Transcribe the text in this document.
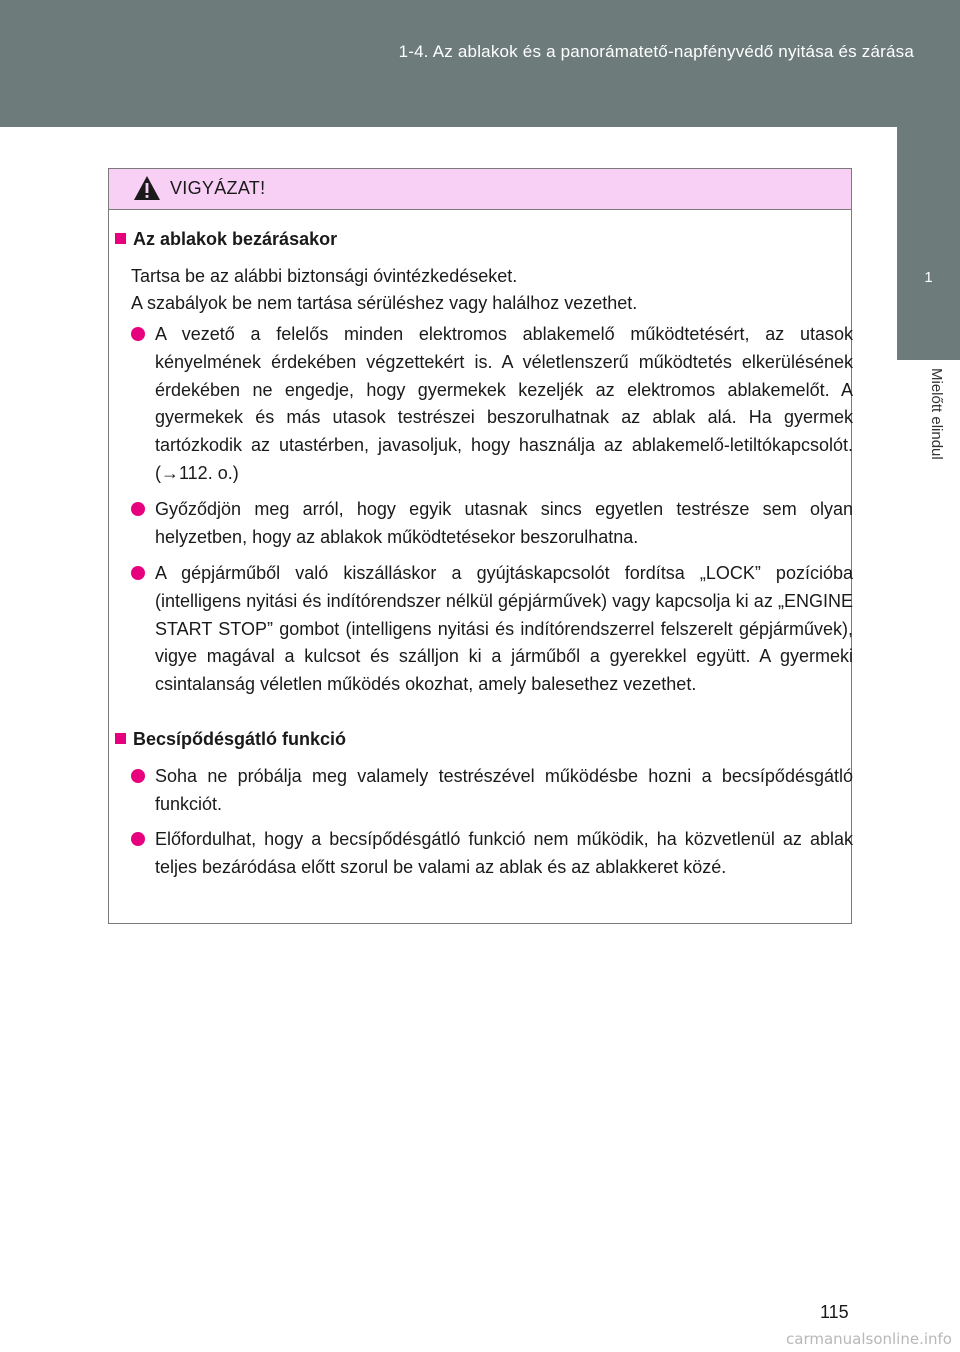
1-4. Az ablakok és a panorámatető-napfényvédő nyitása és zárása
1
Mielőtt elindul
VIGYÁZAT!
Az ablakok bezárásakor
Tartsa be az alábbi biztonsági óvintézkedéseket.
A szabályok be nem tartása sérüléshez vagy halálhoz vezethet.
A vezető a felelős minden elektromos ablakemelő működtetésért, az utasok kényelmének érdekében végzettekért is. A véletlenszerű működtetés elkerülésének érdekében ne engedje, hogy gyermekek kezeljék az elektromos ablakemelőt. A gyermekek és más utasok testrészei beszorulhatnak az ablak alá. Ha gyermek tartózkodik az utastérben, javasoljuk, hogy használja az ablakemelő-letiltókapcsolót. (→112. o.)
Győződjön meg arról, hogy egyik utasnak sincs egyetlen testrésze sem olyan helyzetben, hogy az ablakok működtetésekor beszorulhatna.
A gépjárműből való kiszálláskor a gyújtáskapcsolót fordítsa „LOCK” pozícióba (intelligens nyitási és indítórendszer nélkül gépjárművek) vagy kapcsolja ki az „ENGINE START STOP” gombot (intelligens nyitási és indítórendszerrel felszerelt gépjárművek), vigye magával a kulcsot és szálljon ki a járműből a gyerekkel együtt. A gyermeki csintalanság véletlen működés okozhat, amely balesethez vezethet.
Becsípődésgátló funkció
Soha ne próbálja meg valamely testrészével működésbe hozni a becsípődésgátló funkciót.
Előfordulhat, hogy a becsípődésgátló funkció nem működik, ha közvetlenül az ablak teljes bezáródása előtt szorul be valami az ablak és az ablakkeret közé.
115
carmanualsonline.info
